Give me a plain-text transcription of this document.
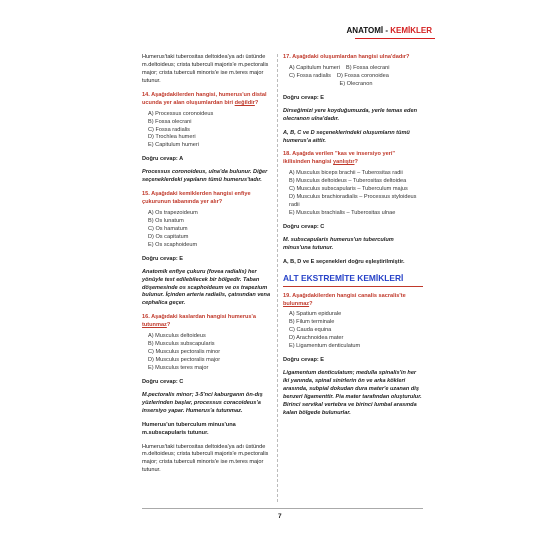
ANATOMİ - KEMİKLER

Humerus'taki tuberositas deltoidea'ya adı üstünde m.deltoideus; crista tuberculi majoris'e m.pectoralis major; crista tuberculi minoris'e ise m.teres major tutunur.

14. Aşağıdakilerden hangisi, humerus'un distal ucunda yer alan oluşumlardan biri değildir?
A) Processus coronoideus
B) Fossa olecrani
C) Fossa radialis
D) Trochlea humeri
E) Capitulum humeri

Doğru cevap: A

Processus coronoideus, ulna'da bulunur. Diğer seçeneklerdeki yapıların tümü humerus'tadır.

15. Aşağıdaki kemiklerden hangisi enfiye çukurunun tabanında yer alır?
A) Os trapezoideum
B) Os lunatum
C) Os hamatum
D) Os capitatum
E) Os scaphoideum

Doğru cevap: E

Anatomik enfiye çukuru (fovea radialis) her yönüyle test edilebilecek bir bölgedir. Taban döşemesinde os scaphoideum ve os trapezium bulunur. İçinden arteria radialis, çatısından vena cephalica geçer.

16. Aşağıdaki kaslardan hangisi humerus'a tutunmaz?
A) Musculus deltoideus
B) Musculus subscapularis
C) Musculus pectoralis minor
D) Musculus pectoralis major
E) Musculus teres major

Doğru cevap: C

M.pectoralis minor; 3-5'nci kaburganın ön-dış yüzlerinden başlar, processus coracoideus'a insersiyo yapar. Humerus'a tutunmaz.

Humerus'un tuberculum minus'una m.subscapularis tutunur.

Humerus'taki tuberositas deltoidea'ya adı üstünde m.deltoideus; crista tuberculi majoris'e m.pectoralis major; crista tuberculi minoris'e ise m.teres major tutunur.

17. Aşağıdaki oluşumlardan hangisi ulna'dadır?
A) Capitulum humeri B) Fossa olecrani
C) Fossa radialis D) Fossa coronoidea
E) Olecranon

Doğru cevap: E

Dirseğimizi yere koyduğumuzda, yerle temas eden olecranon ulna'dadır.

A, B, C ve D seçeneklerindeki oluşumların tümü humerus'a aittir.

18. Aşağıda verilen "kas ve insersiyo yeri" ikilisinden hangisi yanlıştır?
A) Musculus biceps brachii – Tuberositas radii
B) Musculus deltoideus – Tuberositas deltoidea
C) Musculus subscapularis – Tuberculum majus
D) Musculus brachioradialis – Processus styloideus radii
E) Musculus brachialis – Tuberositas ulnae

Doğru cevap: C

M. subscapularis humerus'un tuberculum minus'una tutunur.

A, B, D ve E seçenekleri doğru eşleştirilmiştir.

ALT EKSTREMİTE KEMİKLERİ
19. Aşağıdakilerden hangisi canalis sacralis'te bulunmaz?
A) Spatium epidurale
B) Filum terminale
C) Cauda equina
D) Arachnoidea mater
E) Ligamentum denticulatum

Doğru cevap: E

Ligamentum denticulatum; medulla spinalis'in her iki yanında, spinal sinirlerin ön ve arka kökleri arasında, subpial dokudan dura mater'e uzanan diş benzeri ligamenttir. Pia mater tarafından oluşturulur. Birinci servikal vertebra ve birinci lumbal arasında kalan bölgede bulunurlar.

7
